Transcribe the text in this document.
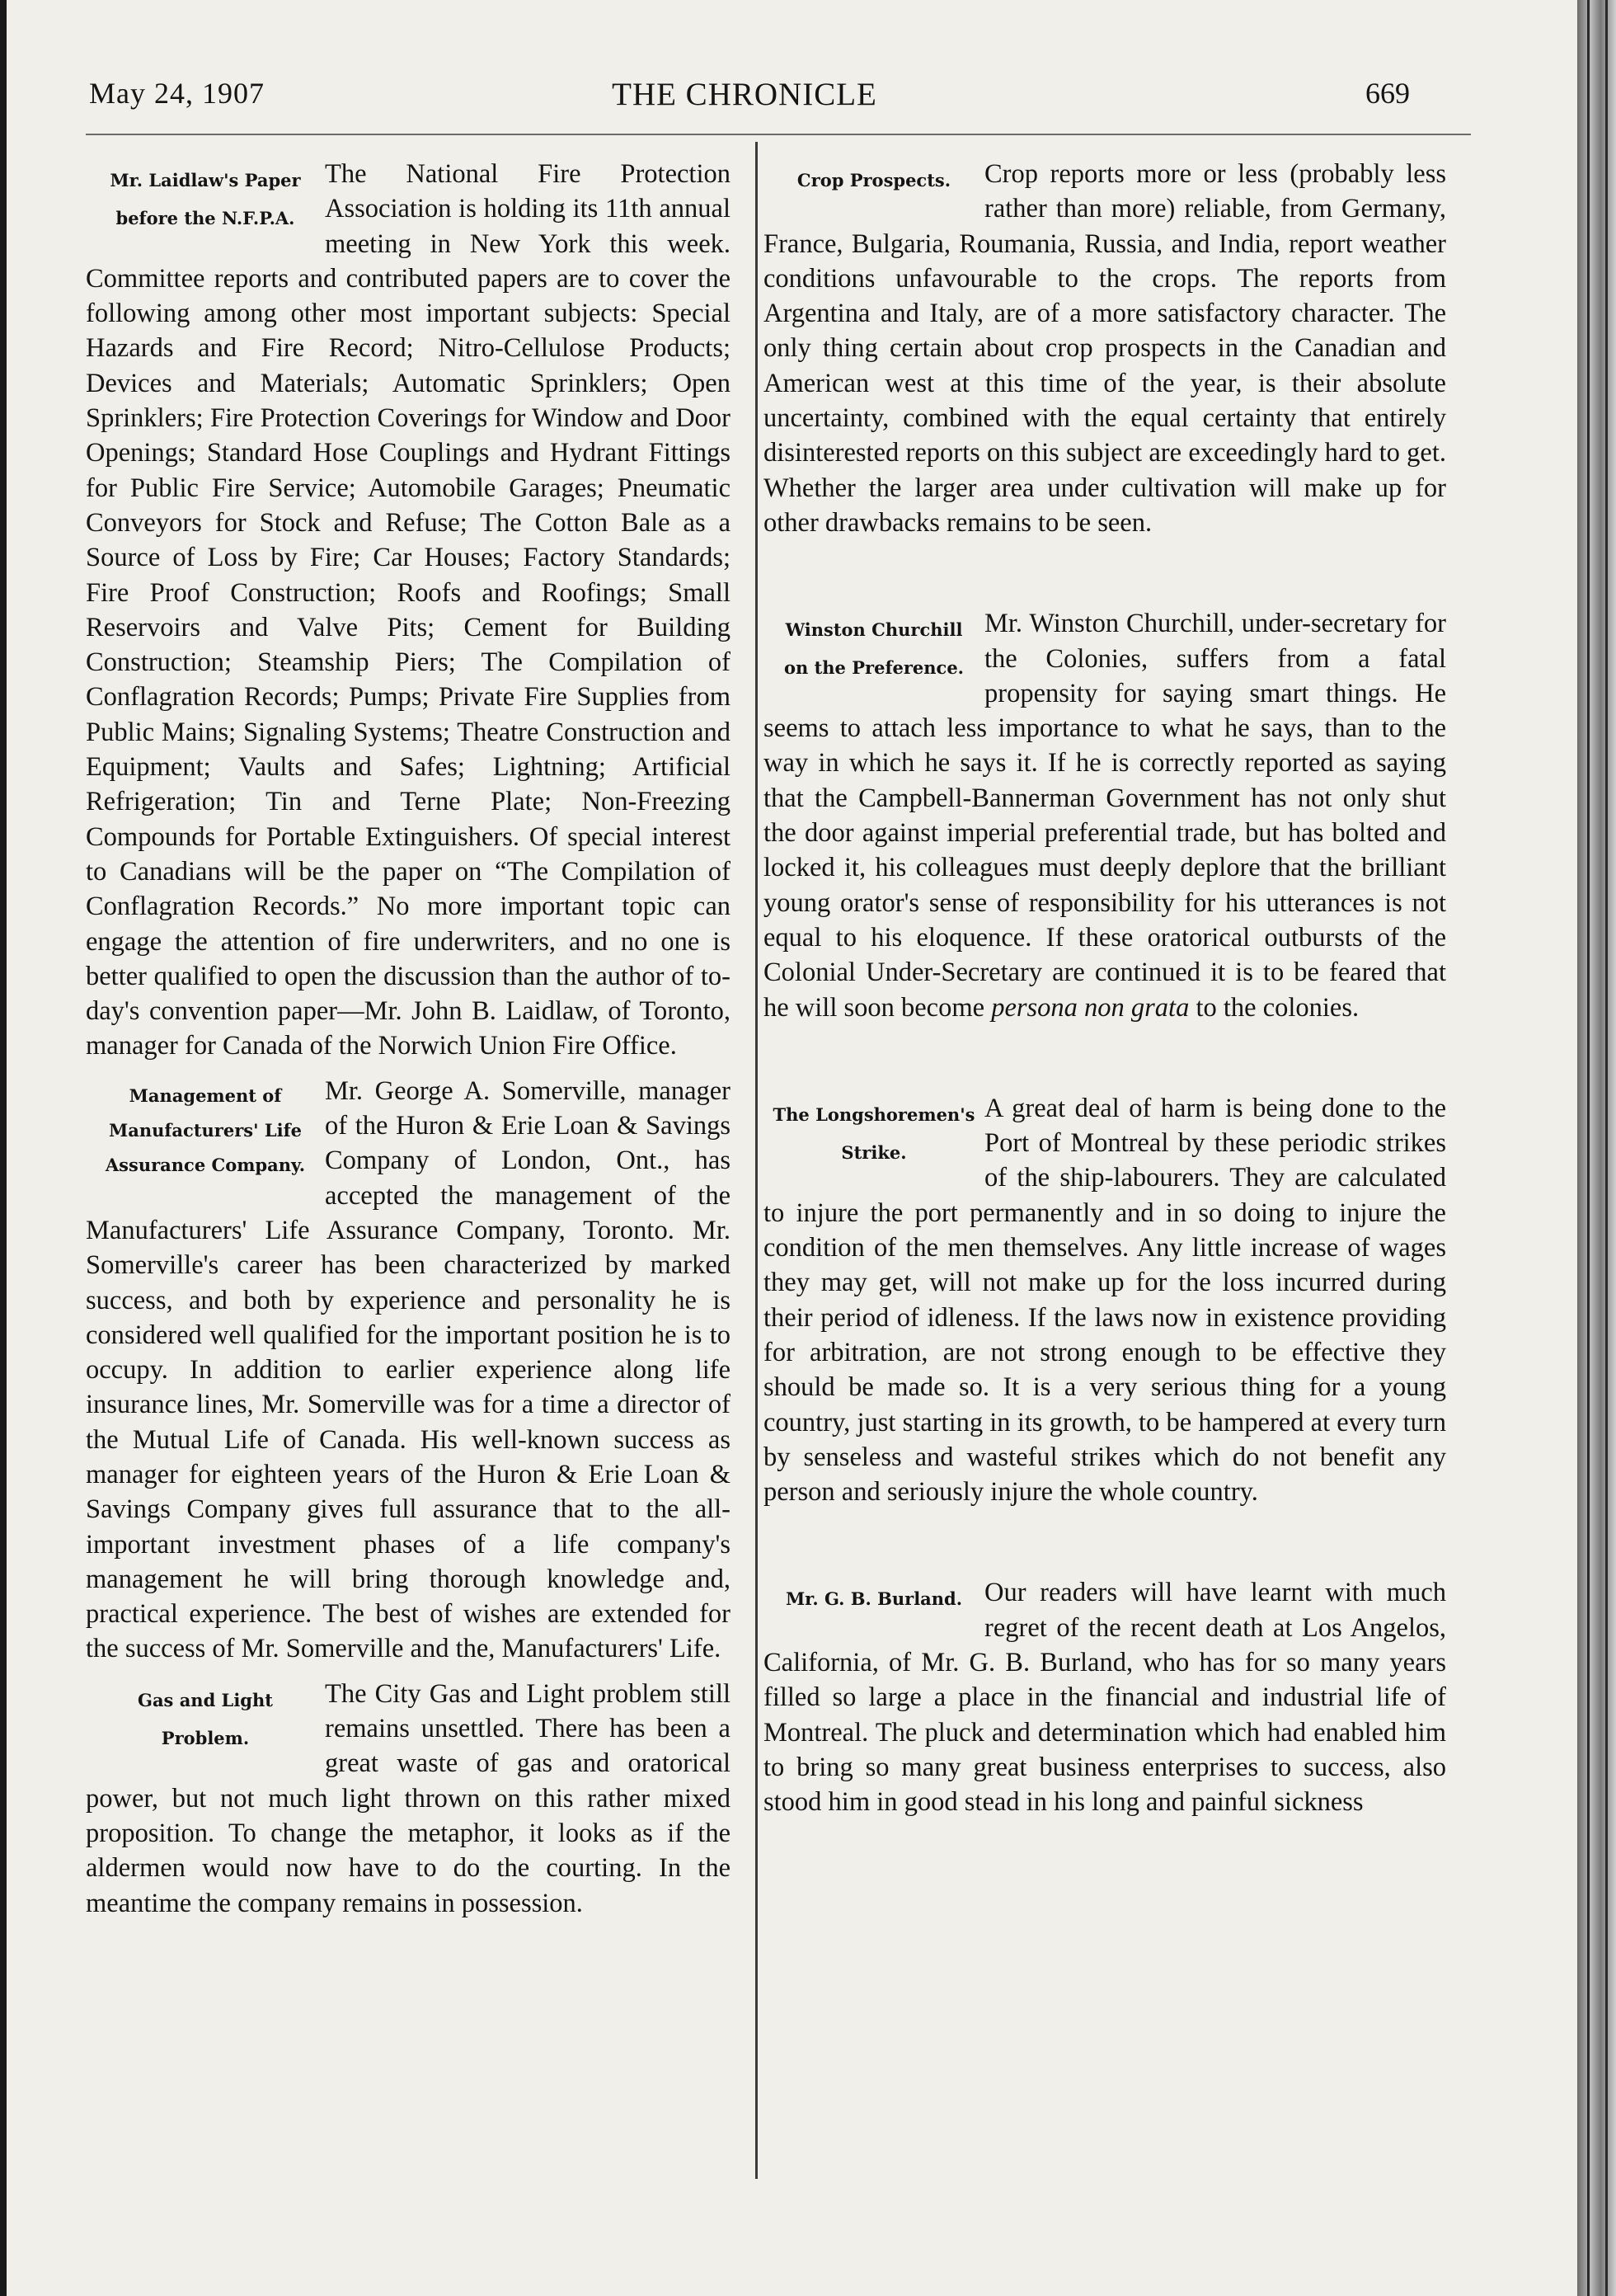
May 24, 1907	THE CHRONICLE	669
Mr. Laidlaw's Paper
before the N.F.P.A.

The National Fire Protection Association is holding its 11th annual meeting in New York this week. Committee reports and contributed papers are to cover the following among other most important subjects: Special Hazards and Fire Record; Nitro-Cellulose Products; Devices and Materials; Automatic Sprinklers; Open Sprinklers; Fire Protection Coverings for Window and Door Openings; Standard Hose Couplings and Hydrant Fittings for Public Fire Service; Automobile Garages; Pneumatic Conveyors for Stock and Refuse; The Cotton Bale as a Source of Loss by Fire; Car Houses; Factory Standards; Fire Proof Construction; Roofs and Roofings; Small Reservoirs and Valve Pits; Cement for Building Construction; Steamship Piers; The Compilation of Conflagration Records; Pumps; Private Fire Supplies from Public Mains; Signaling Systems; Theatre Construction and Equipment; Vaults and Safes; Lightning; Artificial Refrigeration; Tin and Terne Plate; Non-Freezing Compounds for Portable Extinguishers. Of special interest to Canadians will be the paper on “The Compilation of Conflagration Records.” No more important topic can engage the attention of fire underwriters, and no one is better qualified to open the discussion than the author of to-day's convention paper—Mr. John B. Laidlaw, of Toronto, manager for Canada of the Norwich Union Fire Office.

Management of
Manufacturers' Life
Assurance Company.

Mr. George A. Somerville, manager of the Huron & Erie Loan & Savings Company of London, Ont., has accepted the management of the Manufacturers' Life Assurance Company, Toronto. Mr. Somerville's career has been characterized by marked success, and both by experience and personality he is considered well qualified for the important position he is to occupy. In addition to earlier experience along life insurance lines, Mr. Somerville was for a time a director of the Mutual Life of Canada. His well-known success as manager for eighteen years of the Huron & Erie Loan & Savings Company gives full assurance that to the all-important investment phases of a life company's management he will bring thorough knowledge and, practical experience. The best of wishes are extended for the success of Mr. Somerville and the, Manufacturers' Life.

Gas and Light
Problem.

The City Gas and Light problem still remains unsettled. There has been a great waste of gas and oratorical power, but not much light thrown on this rather mixed proposition. To change the metaphor, it looks as if the aldermen would now have to do the courting. In the meantime the company remains in possession.

Crop Prospects.	Crop reports more or less (probably less rather than more) reliable, from Germany, France, Bulgaria, Roumania, Russia, and India, report weather conditions unfavourable to the crops. The reports from Argentina and Italy, are of a more satisfactory character. The only thing certain about crop prospects in the Canadian and American west at this time of the year, is their absolute uncertainty, combined with the equal certainty that entirely disinterested reports on this subject are exceedingly hard to get. Whether the larger area under cultivation will make up for other drawbacks remains to be seen.

Winston Churchill
on the Preference.

Mr. Winston Churchill, under-secretary for the Colonies, suffers from a fatal propensity for saying smart things. He seems to attach less importance to what he says, than to the way in which he says it. If he is correctly reported as saying that the Campbell-Bannerman Government has not only shut the door against imperial preferential trade, but has bolted and locked it, his colleagues must deeply deplore that the brilliant young orator's sense of responsibility for his utterances is not equal to his eloquence. If these oratorical outbursts of the Colonial Under-Secretary are continued it is to be feared that he will soon become persona non grata to the colonies.

The Longshoremen's
Strike.

A great deal of harm is being done to the Port of Montreal by these periodic strikes of the ship-labourers. They are calculated to injure the port permanently and in so doing to injure the condition of the men themselves. Any little increase of wages they may get, will not make up for the loss incurred during their period of idleness. If the laws now in existence providing for arbitration, are not strong enough to be effective they should be made so. It is a very serious thing for a young country, just starting in its growth, to be hampered at every turn by senseless and wasteful strikes which do not benefit any person and seriously injure the whole country.

Mr. G. B. Burland. Our readers will have learnt with much regret of the recent death at Los Angelos, California, of Mr. G. B. Burland, who has for so many years filled so large a place in the financial and industrial life of Montreal. The pluck and determination which had enabled him to bring so many great business enterprises to success, also stood him in good stead in his long and painful sickness
